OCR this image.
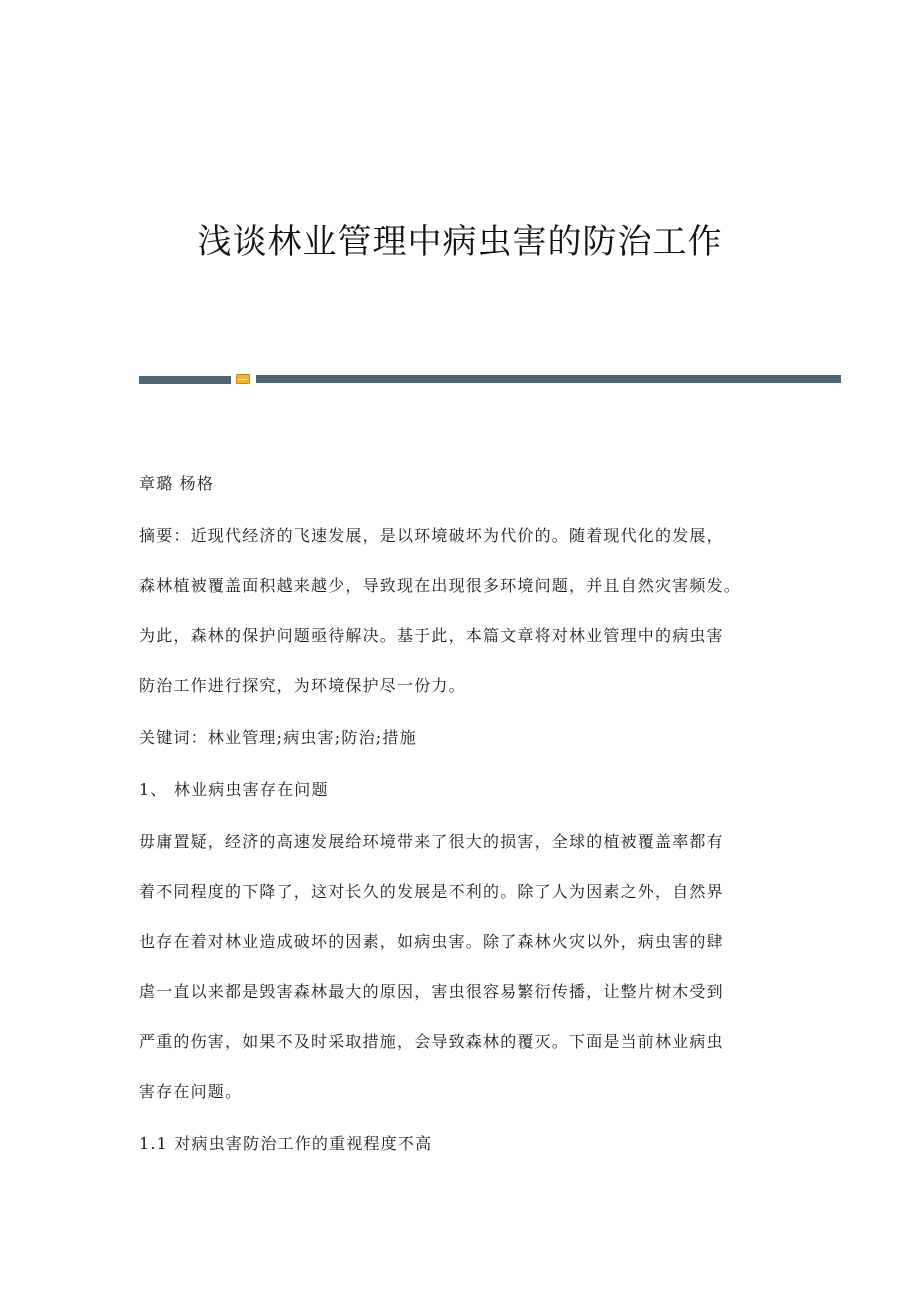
浅谈林业管理中病虫害的防治工作

章璐 杨格

摘要：近现代经济的飞速发展，是以环境破坏为代价的。随着现代化的发展，

森林植被覆盖面积越来越少，导致现在出现很多环境问题，并且自然灾害频发。

为此，森林的保护问题亟待解决。基于此，本篇文章将对林业管理中的病虫害

防治工作进行探究，为环境保护尽一份力。

关键词：林业管理;病虫害;防治;措施

1、 林业病虫害存在问题

毋庸置疑，经济的高速发展给环境带来了很大的损害，全球的植被覆盖率都有

着不同程度的下降了，这对长久的发展是不利的。除了人为因素之外，自然界

也存在着对林业造成破坏的因素，如病虫害。除了森林火灾以外，病虫害的肆

虐一直以来都是毁害森林最大的原因，害虫很容易繁衍传播，让整片树木受到

严重的伤害，如果不及时采取措施，会导致森林的覆灭。下面是当前林业病虫

害存在问题。

1.1 对病虫害防治工作的重视程度不高
